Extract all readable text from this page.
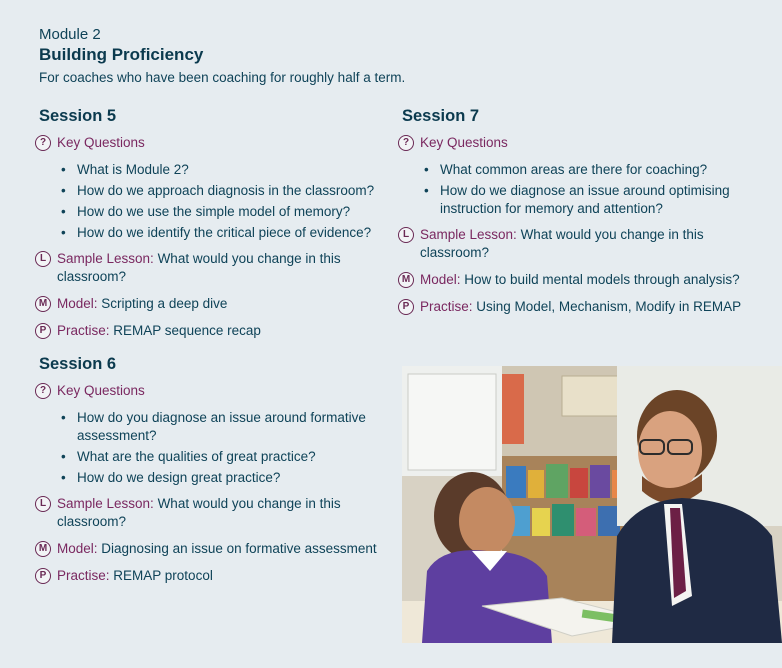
Module 2
Building Proficiency
For coaches who have been coaching for roughly half a term.
Session 5
? Key Questions
• What is Module 2?
• How do we approach diagnosis in the classroom?
• How do we use the simple model of memory?
• How do we identify the critical piece of evidence?
L Sample Lesson: What would you change in this classroom?
M Model: Scripting a deep dive
P Practise: REMAP sequence recap
Session 6
? Key Questions
• How do you diagnose an issue around formative assessment?
• What are the qualities of great practice?
• How do we design great practice?
L Sample Lesson: What would you change in this classroom?
M Model: Diagnosing an issue on formative assessment
P Practise: REMAP protocol
Session 7
? Key Questions
• What common areas are there for coaching?
• How do we diagnose an issue around optimising instruction for memory and attention?
L Sample Lesson: What would you change in this classroom?
M Model: How to build mental models through analysis?
P Practise: Using Model, Mechanism, Modify in REMAP
